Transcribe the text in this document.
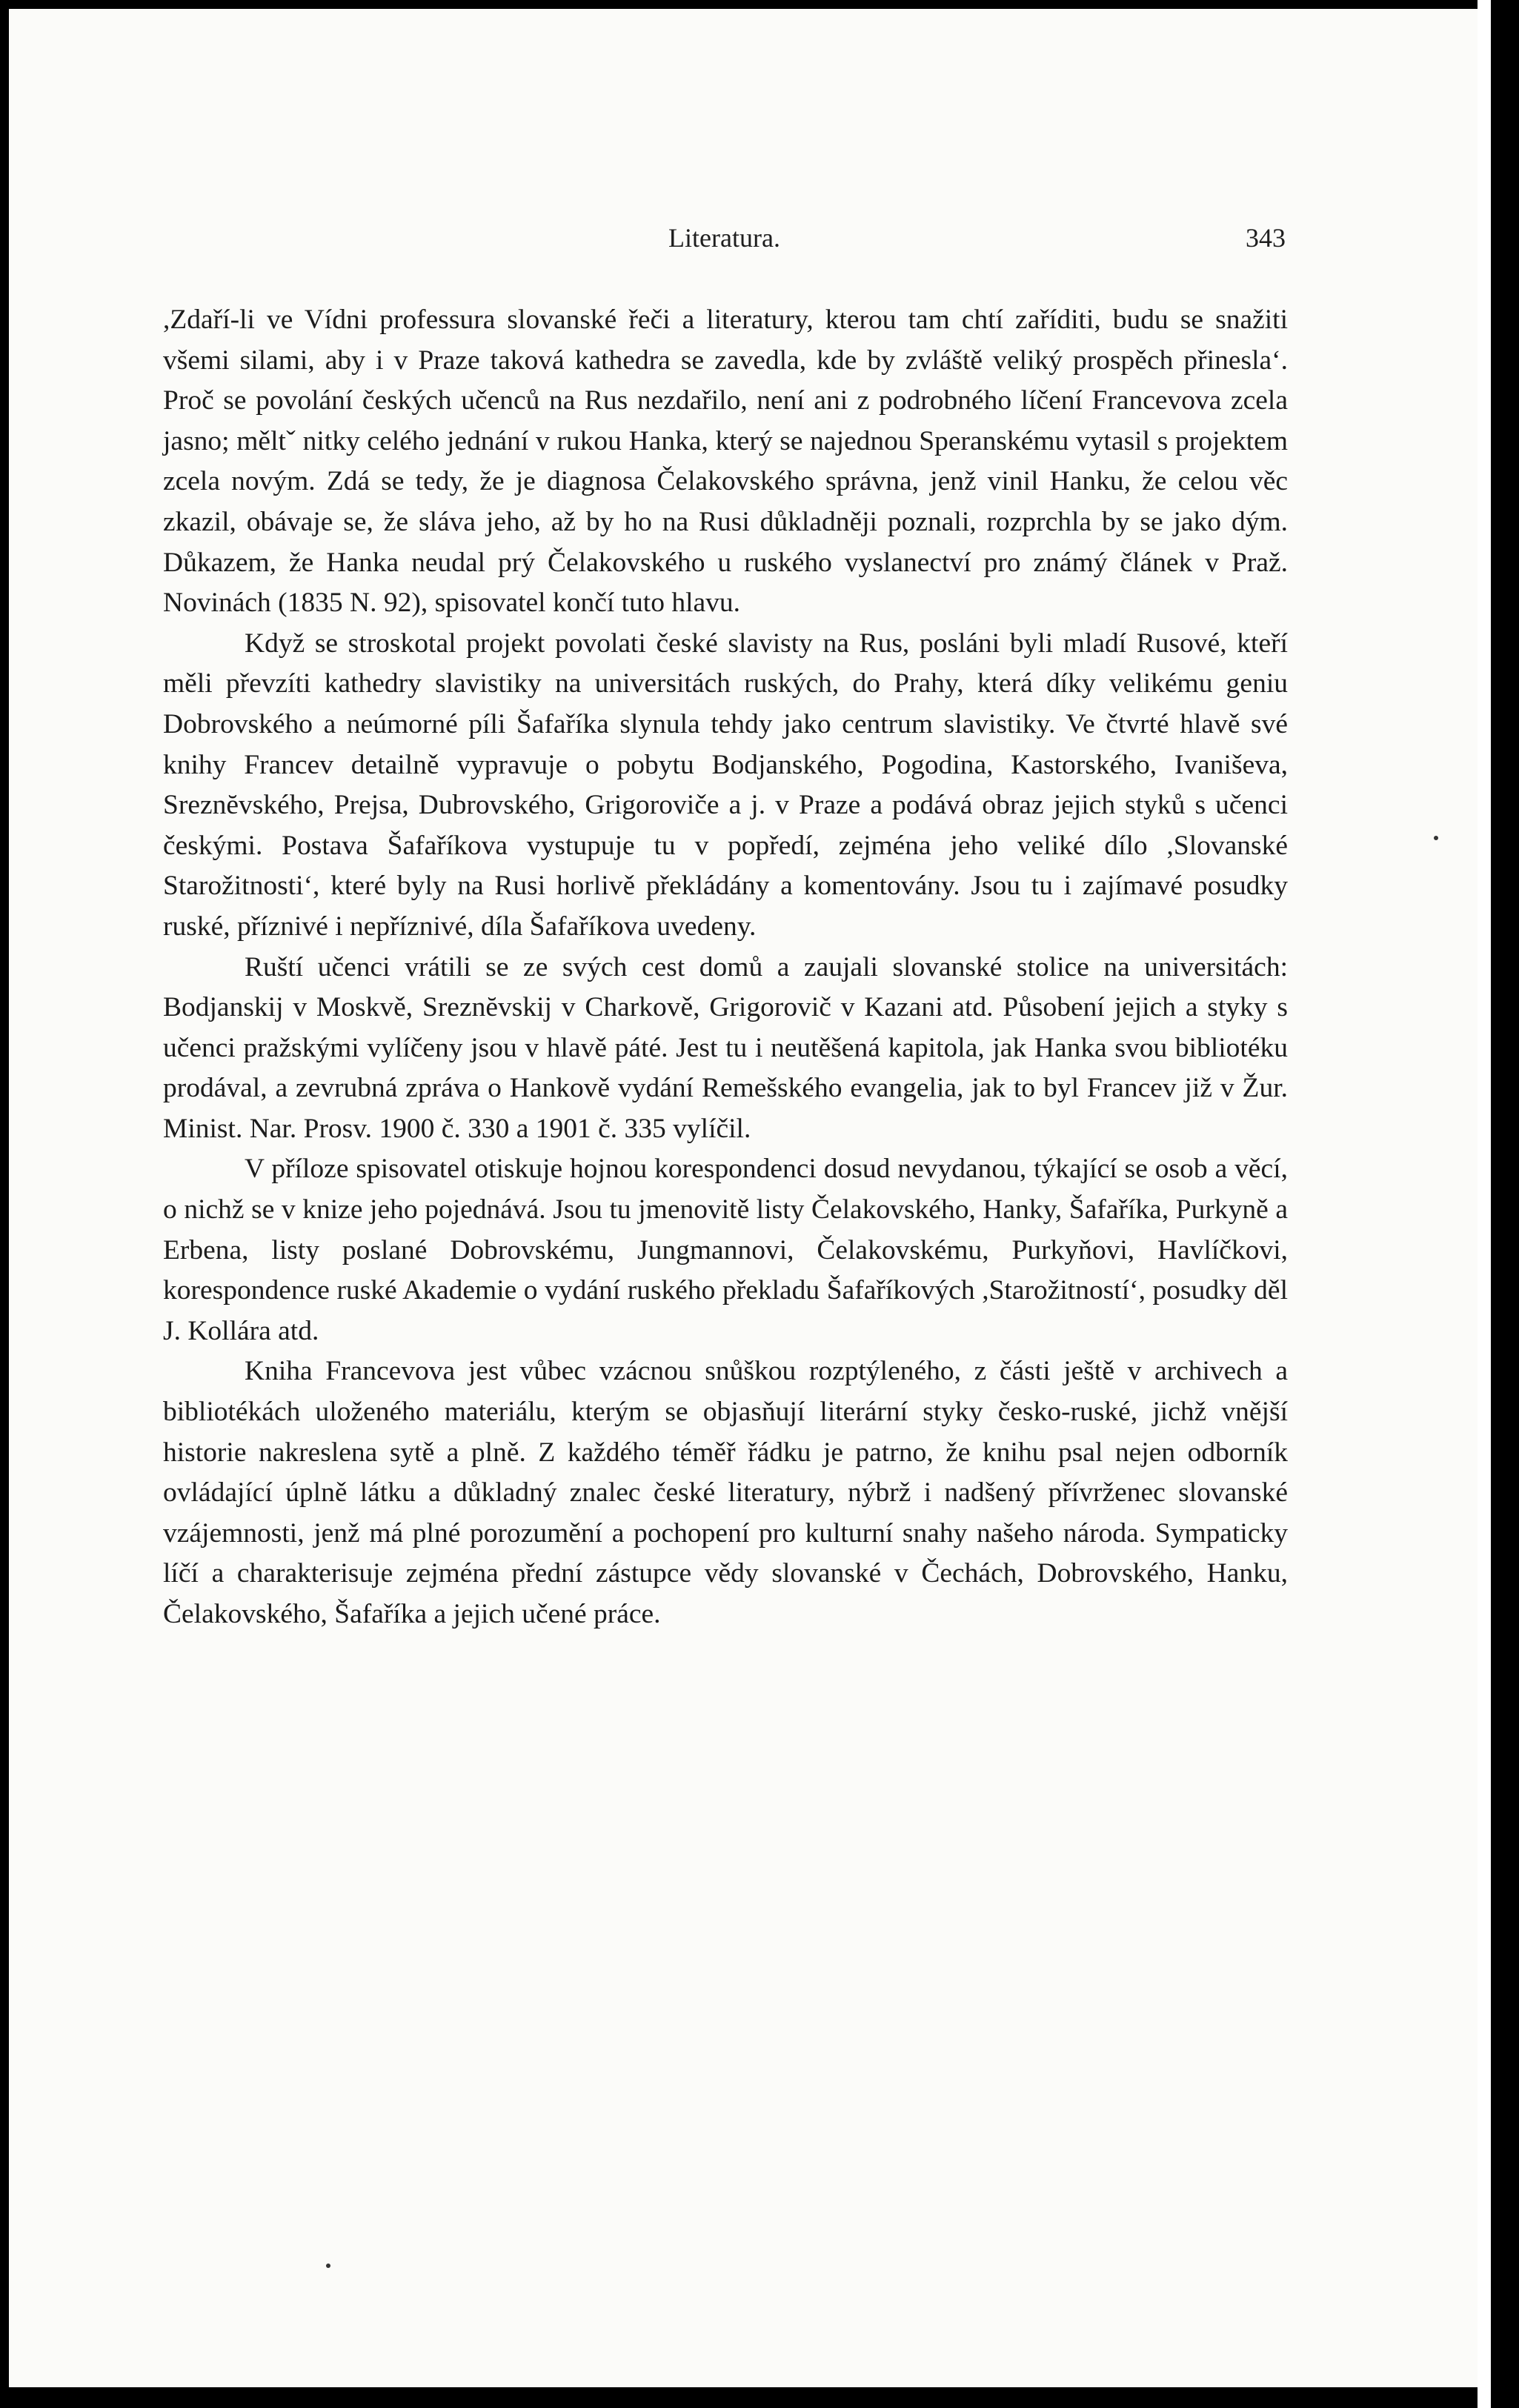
Literatura.	343

,Zdaří-li ve Vídni professura slovanské řeči a literatury, kterou tam chtí zaříditi, budu se snažiti všemi silami, aby i v Praze taková kathedra se zavedla, kde by zvláště veliký prospěch přinesla‘. Proč se povolání českých učenců na Rus nezdařilo, není ani z podrobného líčení Francevova zcela jasno; měltˇ nitky celého jednání v rukou Hanka, který se najednou Speranskému vytasil s projektem zcela novým. Zdá se tedy, že je diagnosa Čelakovského správna, jenž vinil Hanku, že celou věc zkazil, obávaje se, že sláva jeho, až by ho na Rusi důkladněji poznali, rozprchla by se jako dým. Důkazem, že Hanka neudal prý Čelakovského u ruského vyslanectví pro známý článek v Praž. Novinách (1835 N. 92), spisovatel končí tuto hlavu.

Když se stroskotal projekt povolati české slavisty na Rus, posláni byli mladí Rusové, kteří měli převzíti kathedry slavistiky na universitách ruských, do Prahy, která díky velikému geniu Dobrovského a neúmorné píli Šafaříka slynula tehdy jako centrum slavistiky. Ve čtvrté hlavě své knihy Francev detailně vypravuje o pobytu Bodjanského, Pogodina, Kastorského, Ivaniševa, Sreznĕvského, Prejsa, Dubrovského, Grigoroviče a j. v Praze a podává obraz jejich styků s učenci českými. Postava Šafaříkova vystupuje tu v popředí, zejména jeho veliké dílo ,Slovanské Starožitnosti‘, které byly na Rusi horlivě překládány a komentovány. Jsou tu i zajímavé posudky ruské, příznivé i nepříznivé, díla Šafaříkova uvedeny.

Ruští učenci vrátili se ze svých cest domů a zaujali slovanské stolice na universitách: Bodjanskij v Moskvě, Sreznĕvskij v Charkově, Grigorovič v Kazani atd. Působení jejich a styky s učenci pražskými vylíčeny jsou v hlavě páté. Jest tu i neutěšená kapitola, jak Hanka svou bibliotéku prodával, a zevrubná zpráva o Hankově vydání Remešského evangelia, jak to byl Francev již v Žur. Minist. Nar. Prosv. 1900 č. 330 a 1901 č. 335 vylíčil.

V příloze spisovatel otiskuje hojnou korespondenci dosud nevydanou, týkající se osob a věcí, o nichž se v knize jeho pojednává. Jsou tu jmenovitě listy Čelakovského, Hanky, Šafaříka, Purkyně a Erbena, listy poslané Dobrovskému, Jungmannovi, Čelakovskému, Purkyňovi, Havlíčkovi, korespondence ruské Akademie o vydání ruského překladu Šafaříkových ,Starožitností‘, posudky děl J. Kollára atd.

Kniha Francevova jest vůbec vzácnou snůškou rozptýleného, z části ještě v archivech a bibliotékách uloženého materiálu, kterým se objasňují literární styky česko-ruské, jichž vnější historie nakreslena sytě a plně. Z každého téměř řádku je patrno, že knihu psal nejen odborník ovládající úplně látku a důkladný znalec české literatury, nýbrž i nadšený přívrženec slovanské vzájemnosti, jenž má plné porozumění a pochopení pro kulturní snahy našeho národa. Sympaticky líčí a charakterisuje zejména přední zástupce vědy slovanské v Čechách, Dobrovského, Hanku, Čelakovského, Šafaříka a jejich učené práce.
